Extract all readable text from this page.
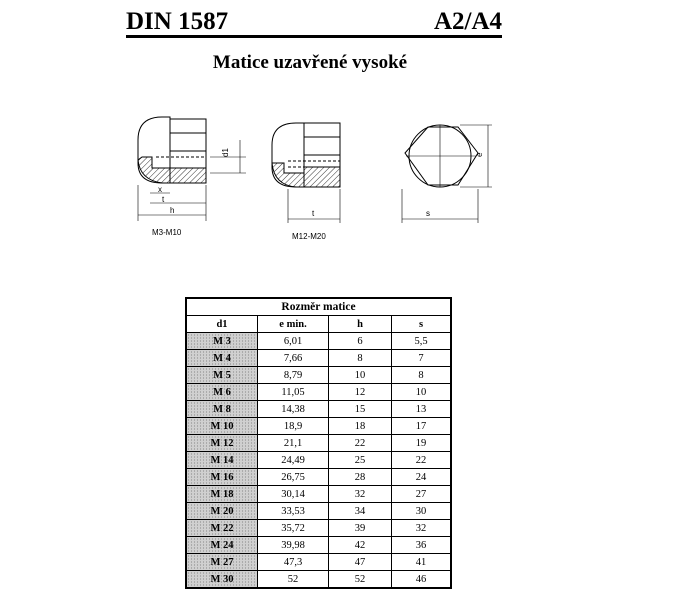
DIN 1587	A2/A4
Matice uzavřené vysoké
d1
x
t
h
M3-M10
t
M12-M20
e
s
Rozměr matice			
d1	e min.	h	s
M 3	6,01	6	5,5
M 4	7,66	8	7
M 5	8,79	10	8
M 6	11,05	12	10
M 8	14,38	15	13
M 10	18,9	18	17
M 12	21,1	22	19
M 14	24,49	25	22
M 16	26,75	28	24
M 18	30,14	32	27
M 20	33,53	34	30
M 22	35,72	39	32
M 24	39,98	42	36
M 27	47,3	47	41
M 30	52	52	46
